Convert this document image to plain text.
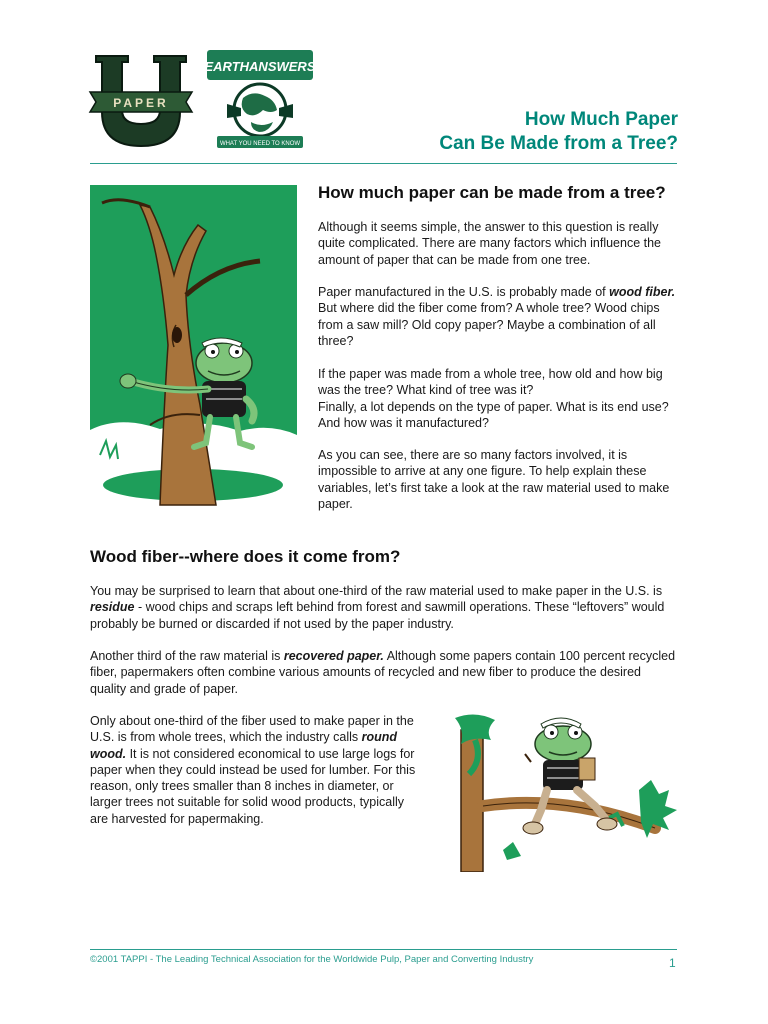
PAPER
EARTHANSWERS
WHAT YOU NEED TO KNOW
How Much Paper
Can Be Made from a Tree?
How much paper can be made from a tree?

Although it seems simple, the answer to this question is really quite complicated. There are many factors which influence the amount of paper that can be made from one tree.

Paper manufactured in the U.S. is probably made of wood fiber. But where did the fiber come from? A whole tree? Wood chips from a saw mill? Old copy paper? Maybe a combination of all three?

If the paper was made from a whole tree, how old and how big was the tree? What kind of tree was it?
Finally, a lot depends on the type of paper. What is its end use? And how was it manufactured?

As you can see, there are so many factors involved, it is impossible to arrive at any one figure. To help explain these variables, let’s first take a look at the raw material used to make paper.

Wood fiber--where does it come from?

You may be surprised to learn that about one-third of the raw material used to make paper in the U.S. is residue - wood chips and scraps left behind from forest and sawmill operations. These “leftovers” would probably be burned or discarded if not used by the paper industry.

Another third of the raw material is recovered paper. Although some papers contain 100 percent recycled fiber, papermakers often combine various amounts of recycled and new fiber to produce the desired quality and grade of paper.

Only about one-third of the fiber used to make paper in the U.S. is from whole trees, which the industry calls round wood. It is not considered economical to use large logs for paper when they could instead be used for lumber. For this reason, only trees smaller than 8 inches in diameter, or larger trees not suitable for solid wood products, typically are harvested for papermaking.

©2001 TAPPI - The Leading Technical Association for the Worldwide Pulp, Paper and Converting Industry	1
